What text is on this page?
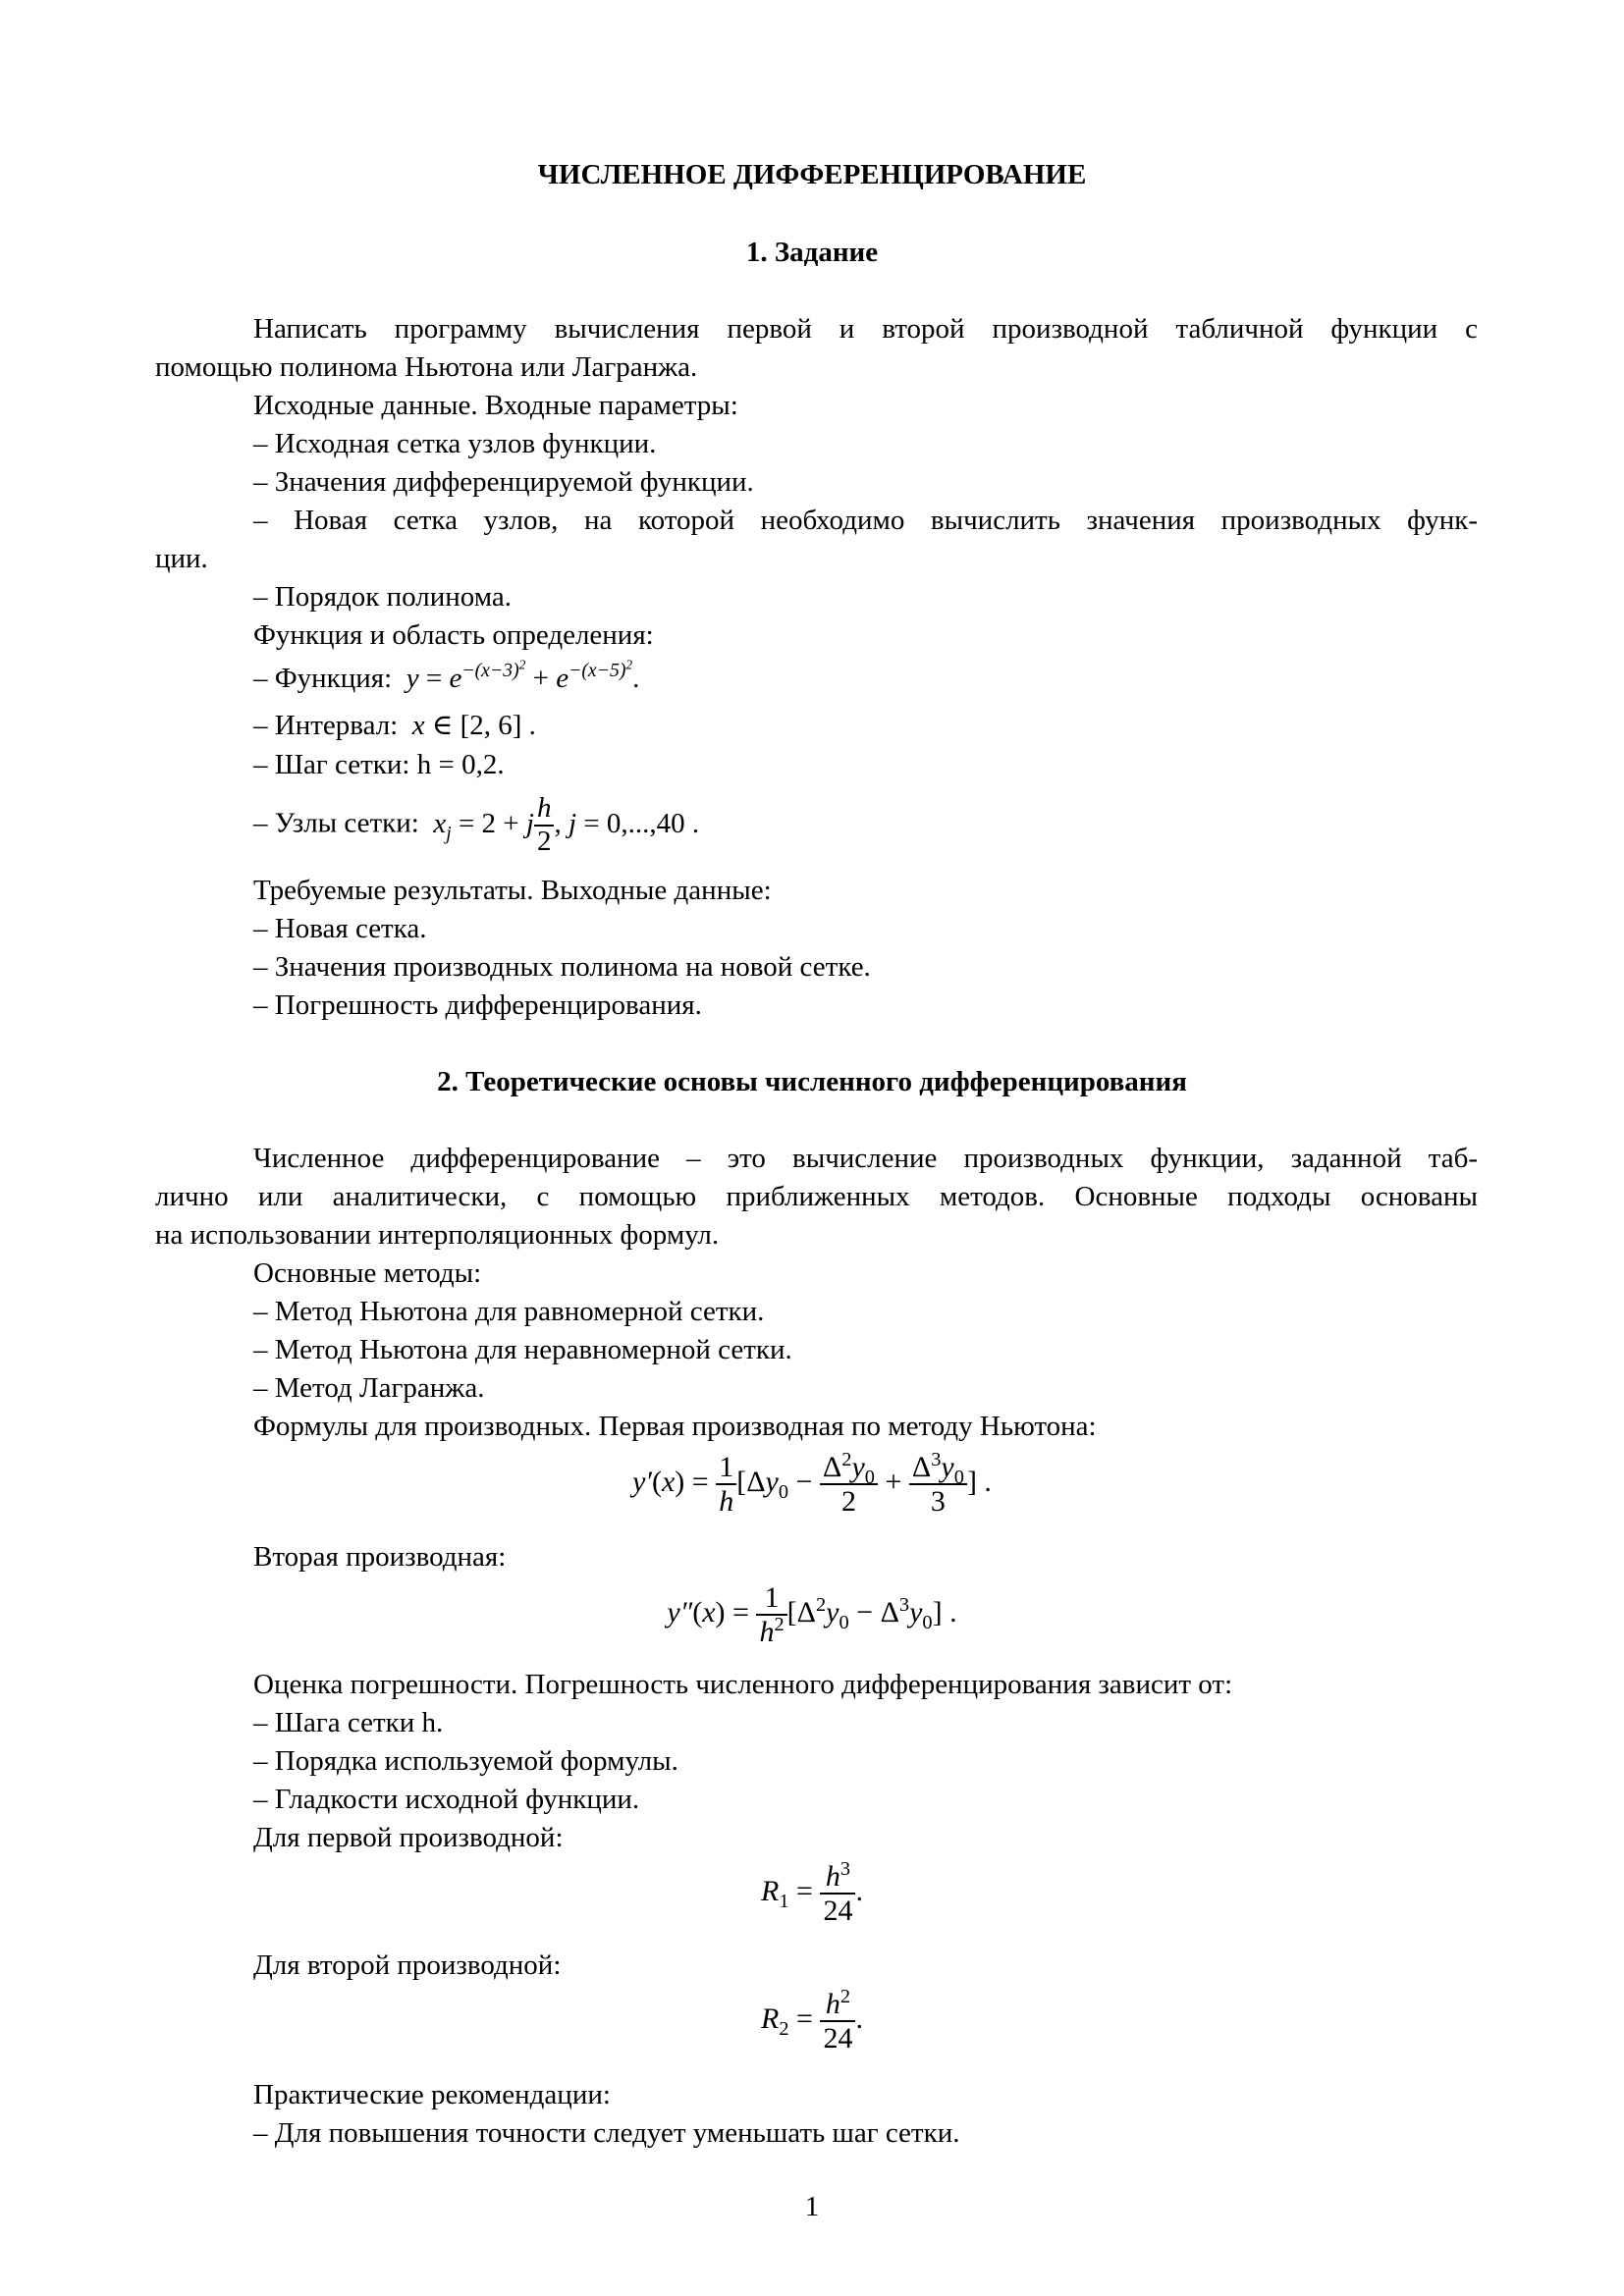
ЧИСЛЕННОЕ ДИФФЕРЕНЦИРОВАНИЕ
1. Задание
Написать программу вычисления первой и второй производной табличной функции с
помощью полинома Ньютона или Лагранжа.
Исходные данные. Входные параметры:
– Исходная сетка узлов функции.
– Значения дифференцируемой функции.
– Новая сетка узлов, на которой необходимо вычислить значения производных функ-
ции.
– Порядок полинома.
Функция и область определения:
– Функция:  $y = e^{-(x-3)^2} + e^{-(x-5)^2}$.
– Интервал:  x ∈ [2, 6] .
– Шаг сетки: h = 0,2.
– Узлы сетки:  $x_j = 2 + j \frac{h}{2}$ , j = 0,...,40 .
Требуемые результаты. Выходные данные:
– Новая сетка.
– Значения производных полинома на новой сетке.
– Погрешность дифференцирования.
2. Теоретические основы численного дифференцирования
Численное дифференцирование – это вычисление производных функции, заданной таб-
лично или аналитически, с помощью приближенных методов. Основные подходы основаны
на использовании интерполяционных формул.
Основные методы:
– Метод Ньютона для равномерной сетки.
– Метод Ньютона для неравномерной сетки.
– Метод Лагранжа.
Формулы для производных. Первая производная по методу Ньютона:
$y'(x) = \frac{1}{h} [\Delta y_0 - \frac{\Delta^2y_0}{2} + \frac{\Delta^3y_0}{3}$ ] .
Вторая производная:
$y''(x) = \frac{1}{h^2} [\Delta^2y_0 - \Delta^3y_0]$ .
Оценка погрешности. Погрешность численного дифференцирования зависит от:
– Шага сетки h.
– Порядка используемой формулы.
– Гладкости исходной функции.
Для первой производной:
$R_1 = \frac{h^3}{24}$ .
Для второй производной:
$R_2 = \frac{h^2}{24}$ .
Практические рекомендации:
– Для повышения точности следует уменьшать шаг сетки.
1
